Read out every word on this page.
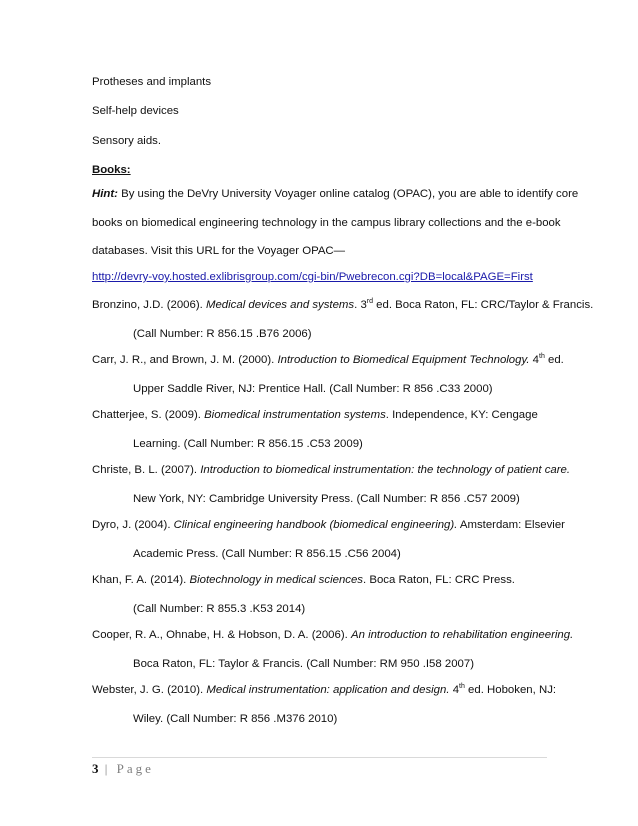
Protheses and implants
Self-help devices
Sensory aids.
Books:
Hint: By using the DeVry University Voyager online catalog (OPAC), you are able to identify core
books on biomedical engineering technology in the campus library collections and the e-book
databases. Visit this URL for the Voyager OPAC—
http://devry-voy.hosted.exlibrisgroup.com/cgi-bin/Pwebrecon.cgi?DB=local&PAGE=First
Bronzino, J.D. (2006). Medical devices and systems. 3rd ed. Boca Raton, FL: CRC/Taylor & Francis.
(Call Number: R 856.15 .B76 2006)
Carr, J. R., and Brown, J. M. (2000). Introduction to Biomedical Equipment Technology. 4th ed.
Upper Saddle River, NJ: Prentice Hall. (Call Number: R 856 .C33 2000)
Chatterjee, S. (2009). Biomedical instrumentation systems. Independence, KY: Cengage
Learning. (Call Number: R 856.15 .C53 2009)
Christe, B. L. (2007). Introduction to biomedical instrumentation: the technology of patient care.
New York, NY: Cambridge University Press. (Call Number: R 856 .C57 2009)
Dyro, J. (2004). Clinical engineering handbook (biomedical engineering). Amsterdam: Elsevier
Academic Press. (Call Number: R 856.15 .C56 2004)
Khan, F. A. (2014). Biotechnology in medical sciences. Boca Raton, FL: CRC Press.
(Call Number: R 855.3 .K53 2014)
Cooper, R. A., Ohnabe, H. & Hobson, D. A. (2006). An introduction to rehabilitation engineering.
Boca Raton, FL: Taylor & Francis. (Call Number: RM 950 .I58 2007)
Webster, J. G. (2010). Medical instrumentation: application and design. 4th ed. Hoboken, NJ:
Wiley. (Call Number: R 856 .M376 2010)
3 | Page
